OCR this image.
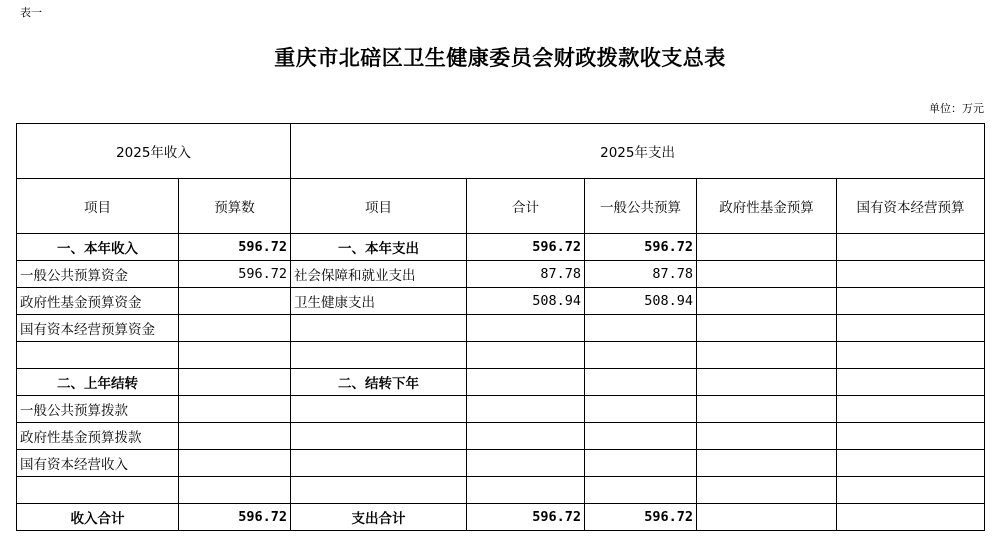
表一
重庆市北碚区卫生健康委员会财政拨款收支总表
单位：万元
2025年收入		2025年支出				
项目	预算数	项目	合计	一般公共预算	政府性基金预算	国有资本经营预算
一、本年收入	596.72	一、本年支出	596.72	596.72		
一般公共预算资金	596.72	社会保障和就业支出	87.78	87.78		
政府性基金预算资金		卫生健康支出	508.94	508.94		
国有资本经营预算资金						

二、上年结转		二、结转下年				
一般公共预算拨款						
政府性基金预算拨款						
国有资本经营收入						

收入合计	596.72	支出合计	596.72	596.72		
